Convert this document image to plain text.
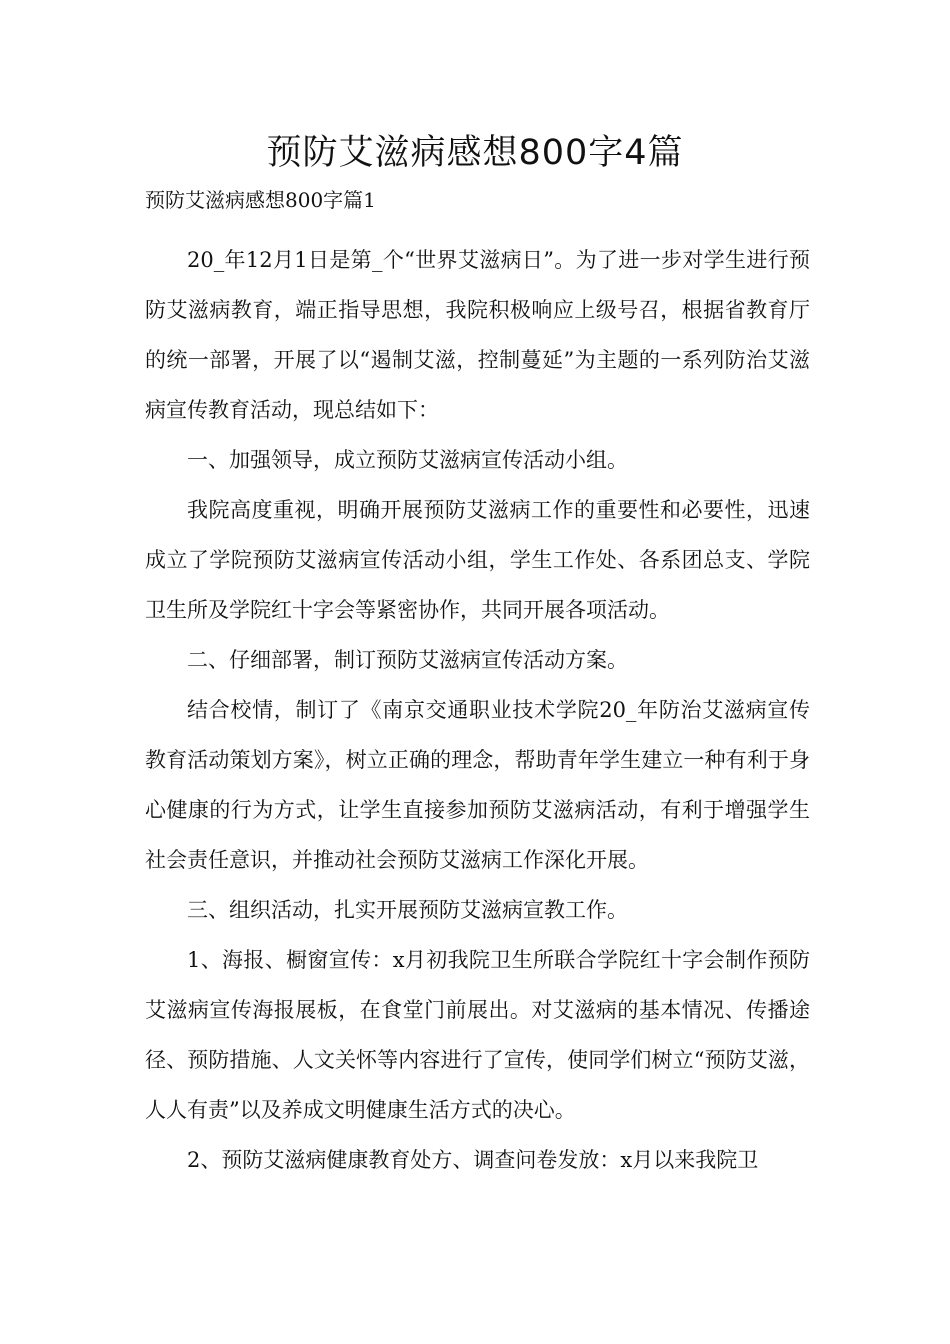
预防艾滋病感想800字4篇

预防艾滋病感想800字篇1

20_年12月1日是第_个“世界艾滋病日”。为了进一步对学生进行预防艾滋病教育，端正指导思想，我院积极响应上级号召，根据省教育厅的统一部署，开展了以“遏制艾滋，控制蔓延”为主题的一系列防治艾滋病宣传教育活动，现总结如下：

一、加强领导，成立预防艾滋病宣传活动小组。

我院高度重视，明确开展预防艾滋病工作的重要性和必要性，迅速成立了学院预防艾滋病宣传活动小组，学生工作处、各系团总支、学院卫生所及学院红十字会等紧密协作，共同开展各项活动。

二、仔细部署，制订预防艾滋病宣传活动方案。

结合校情，制订了《南京交通职业技术学院20_年防治艾滋病宣传教育活动策划方案》，树立正确的理念，帮助青年学生建立一种有利于身心健康的行为方式，让学生直接参加预防艾滋病活动，有利于增强学生社会责任意识，并推动社会预防艾滋病工作深化开展。

三、组织活动，扎实开展预防艾滋病宣教工作。

1、海报、橱窗宣传：x月初我院卫生所联合学院红十字会制作预防艾滋病宣传海报展板，在食堂门前展出。对艾滋病的基本情况、传播途径、预防措施、人文关怀等内容进行了宣传，使同学们树立“预防艾滋，人人有责”以及养成文明健康生活方式的决心。

2、预防艾滋病健康教育处方、调查问卷发放：x月以来我院卫
